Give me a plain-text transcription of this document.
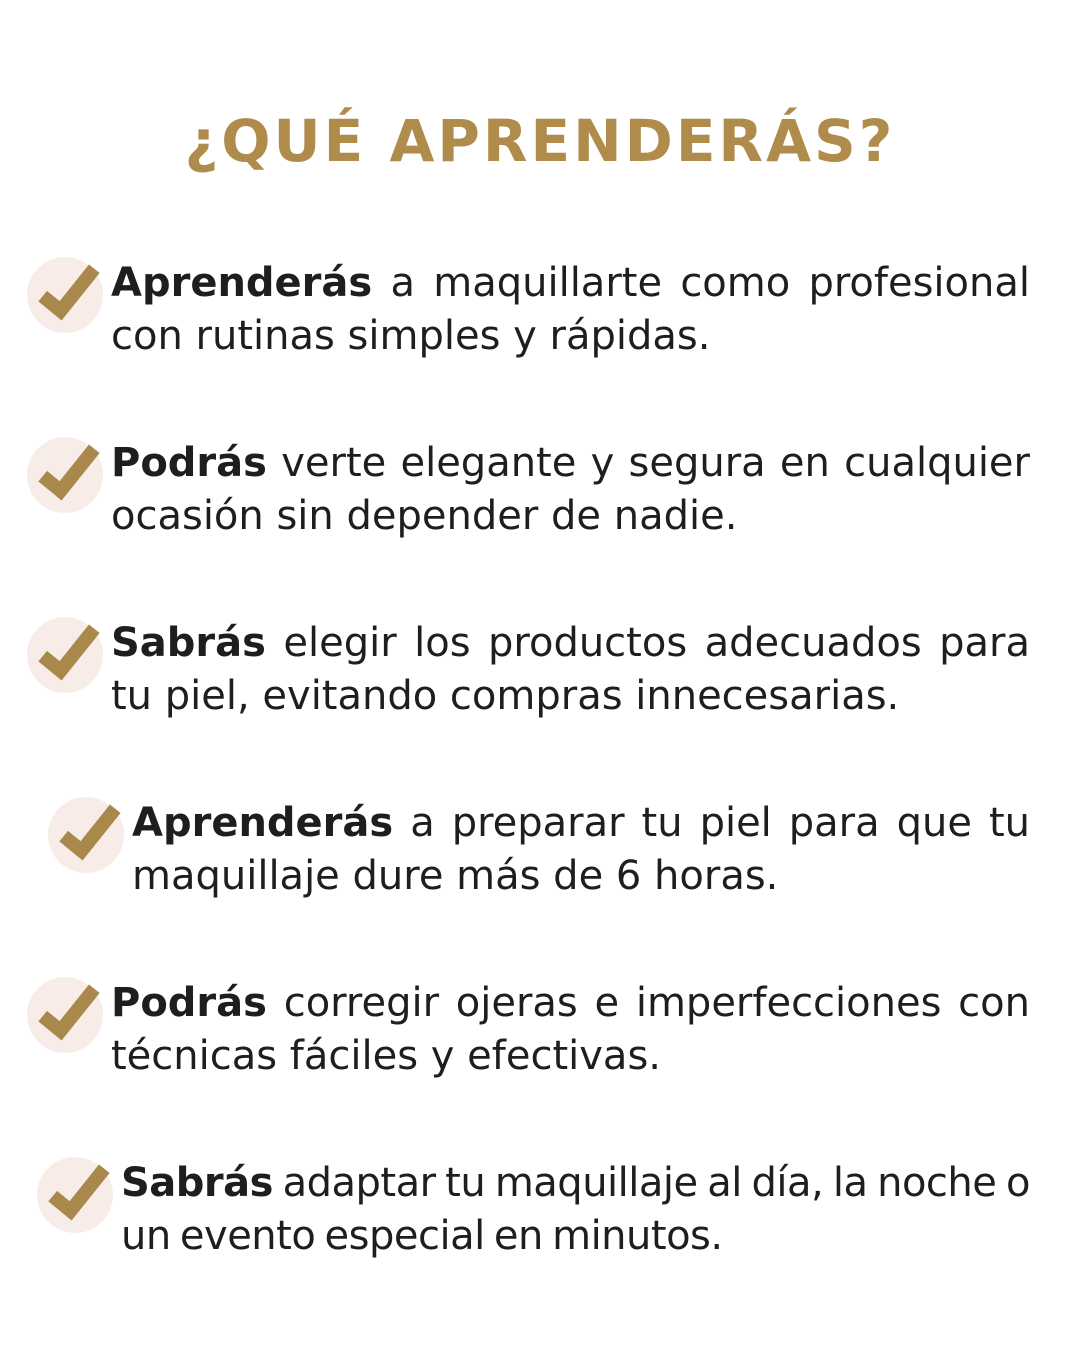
¿QUÉ APRENDERÁS?

Aprenderás a maquillarte como profesional con rutinas simples y rápidas.

Podrás verte elegante y segura en cualquier ocasión sin depender de nadie.

Sabrás elegir los productos adecuados para tu piel, evitando compras innecesarias.

Aprenderás a preparar tu piel para que tu maquillaje dure más de 6 horas.

Podrás corregir ojeras e imperfecciones con técnicas fáciles y efectivas.

Sabrás adaptar tu maquillaje al día, la noche o un evento especial en minutos.
